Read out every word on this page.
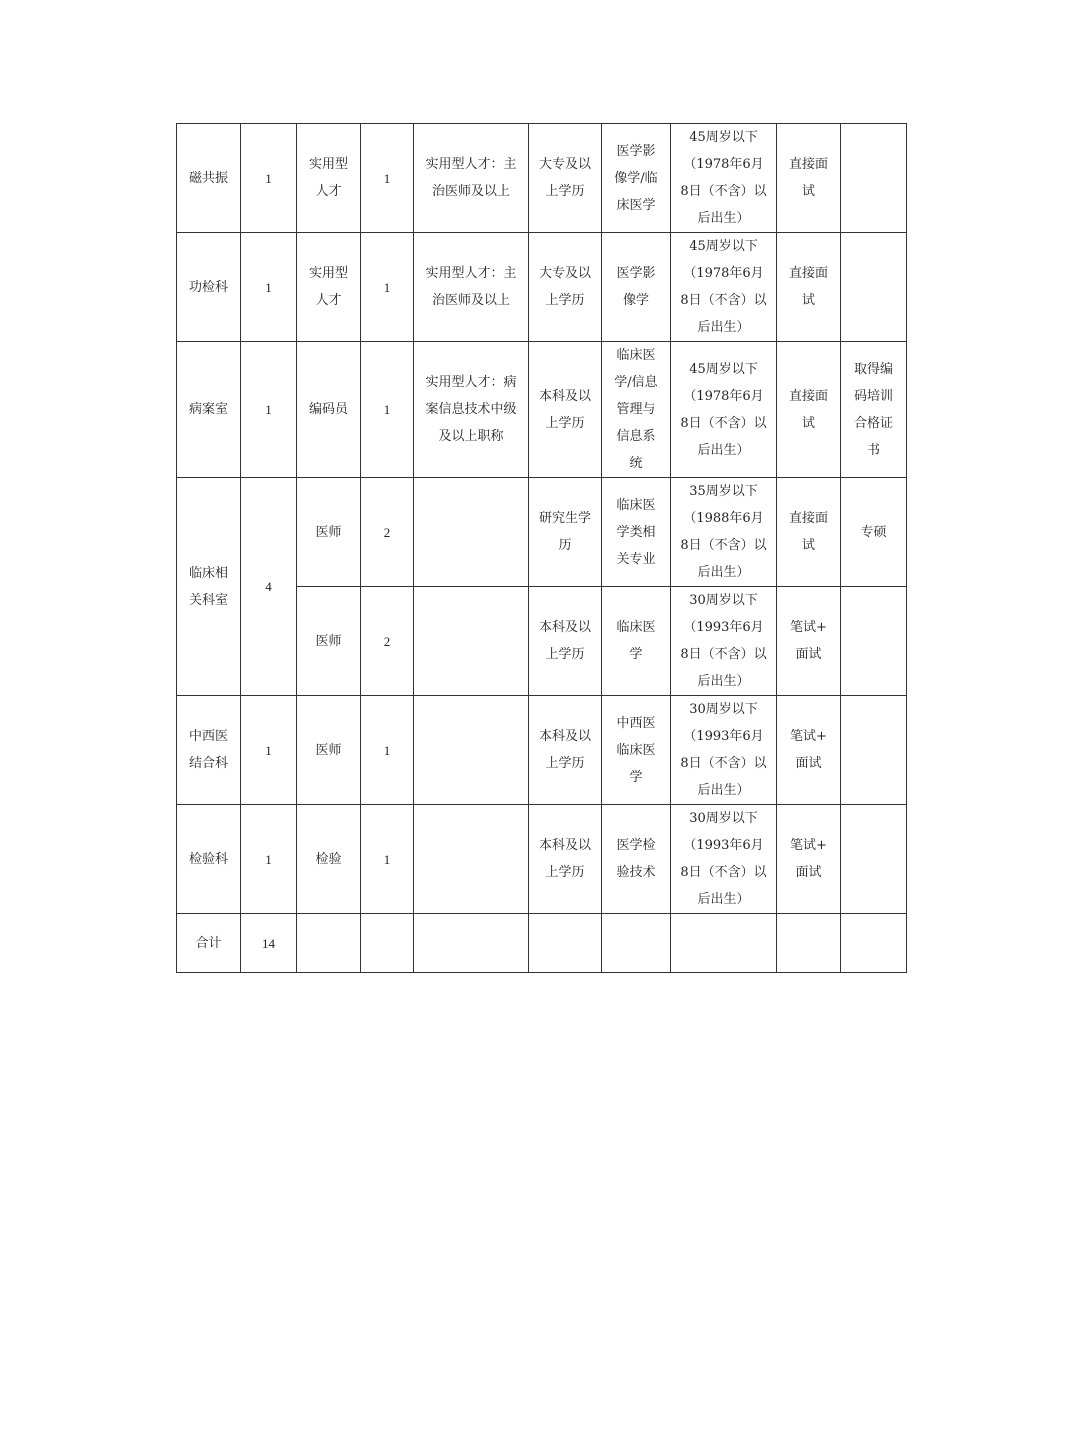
磁共振	1	实用型
人才	1	实用型人才：主
治医师及以上	大专及以
上学历	医学影
像学/临
床医学	45周岁以下
（1978年6月
8日（不含）以
后出生）	直接面
试	
功检科	1	实用型
人才	1	实用型人才：主
治医师及以上	大专及以
上学历	医学影
像学	45周岁以下
（1978年6月
8日（不含）以
后出生）	直接面
试	
病案室	1	编码员	1	实用型人才：病
案信息技术中级
及以上职称	本科及以
上学历	临床医
学/信息
管理与
信息系
统	45周岁以下
（1978年6月
8日（不含）以
后出生）	直接面
试	取得编
码培训
合格证
书
临床相
关科室	4	医师	2		研究生学
历	临床医
学类相
关专业	35周岁以下
（1988年6月
8日（不含）以
后出生）	直接面
试	专硕
		医师	2		本科及以
上学历	临床医
学	30周岁以下
（1993年6月
8日（不含）以
后出生）	笔试+
面试	
中西医
结合科	1	医师	1		本科及以
上学历	中西医
临床医
学	30周岁以下
（1993年6月
8日（不含）以
后出生）	笔试+
面试	
检验科	1	检验	1		本科及以
上学历	医学检
验技术	30周岁以下
（1993年6月
8日（不含）以
后出生）	笔试+
面试	
合计	14								
